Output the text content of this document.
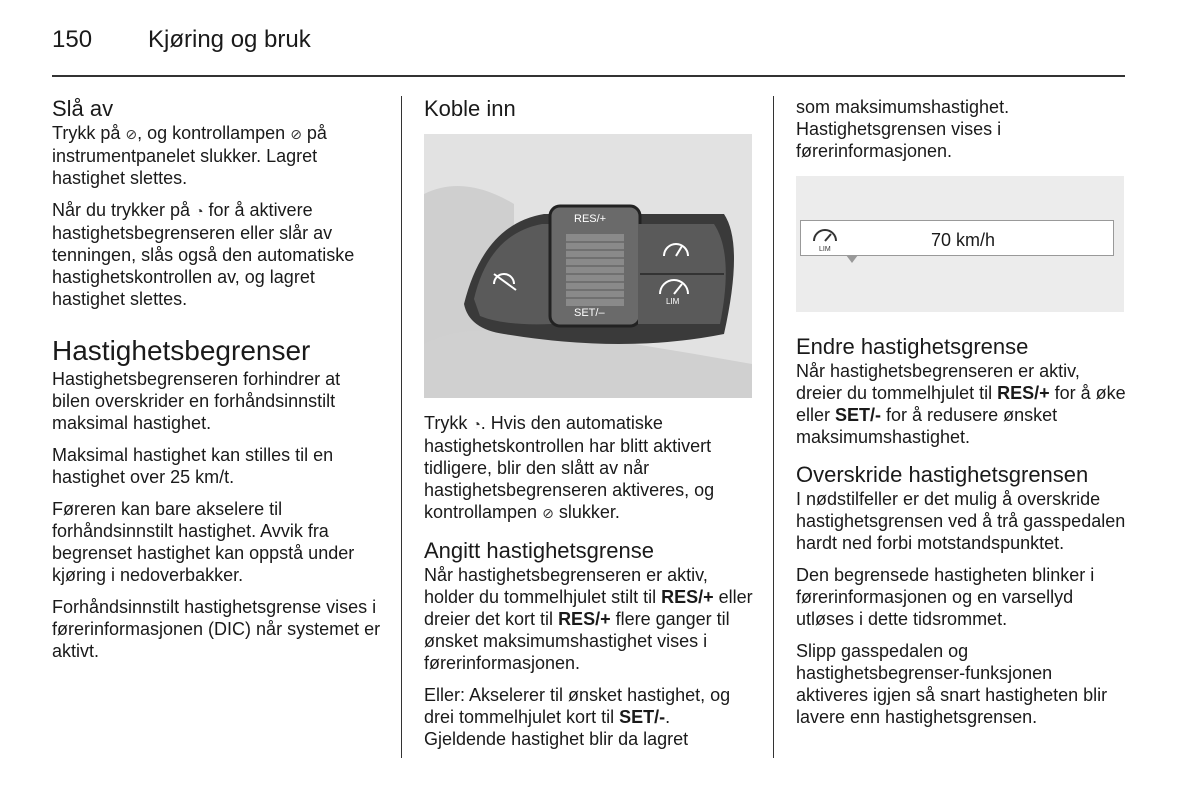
150 Kjøring og bruk
Slå av

Trykk på ⊘, og kontrollampen ⊘ på instrumentpanelet slukker. Lagret hastighet slettes.

Når du trykker på ◔ for å aktivere hastighetsbegrenseren eller slår av tenningen, slås også den automatiske hastighetskontrollen av, og lagret hastighet slettes.

Hastighetsbegrenser

Hastighetsbegrenseren forhindrer at bilen overskrider en forhåndsinnstilt maksimal hastighet.

Maksimal hastighet kan stilles til en hastighet over 25 km/t.

Føreren kan bare akselere til forhåndsinnstilt hastighet. Avvik fra begrenset hastighet kan oppstå under kjøring i nedoverbakker.

Forhåndsinnstilt hastighetsgrense vises i førerinformasjonen (DIC) når systemet er aktivt.

Koble inn
RES/+
SET/–
LIM

Trykk ◔. Hvis den automatiske hastighetskontrollen har blitt aktivert tidligere, blir den slått av når hastighetsbegrenseren aktiveres, og kontrollampen ⊘ slukker.

Angitt hastighetsgrense

Når hastighetsbegrenseren er aktiv, holder du tommelhjulet stilt til RES/+ eller dreier det kort til RES/+ flere ganger til ønsket maksimumshastighet vises i førerinformasjonen.

Eller: Akselerer til ønsket hastighet, og drei tommelhjulet kort til SET/-. Gjeldende hastighet blir da lagret

som maksimumshastighet. Hastighetsgrensen vises i førerinformasjonen.

LIM	70 km/h
Endre hastighetsgrense

Når hastighetsbegrenseren er aktiv, dreier du tommelhjulet til RES/+ for å øke eller SET/- for å redusere ønsket maksimumshastighet.

Overskride hastighetsgrensen

I nødstilfeller er det mulig å overskride hastighetsgrensen ved å trå gasspedalen hardt ned forbi motstandspunktet.

Den begrensede hastigheten blinker i førerinformasjonen og en varsellyd utløses i dette tidsrommet.

Slipp gasspedalen og hastighetsbegrenser-funksjonen aktiveres igjen så snart hastigheten blir lavere enn hastighetsgrensen.
